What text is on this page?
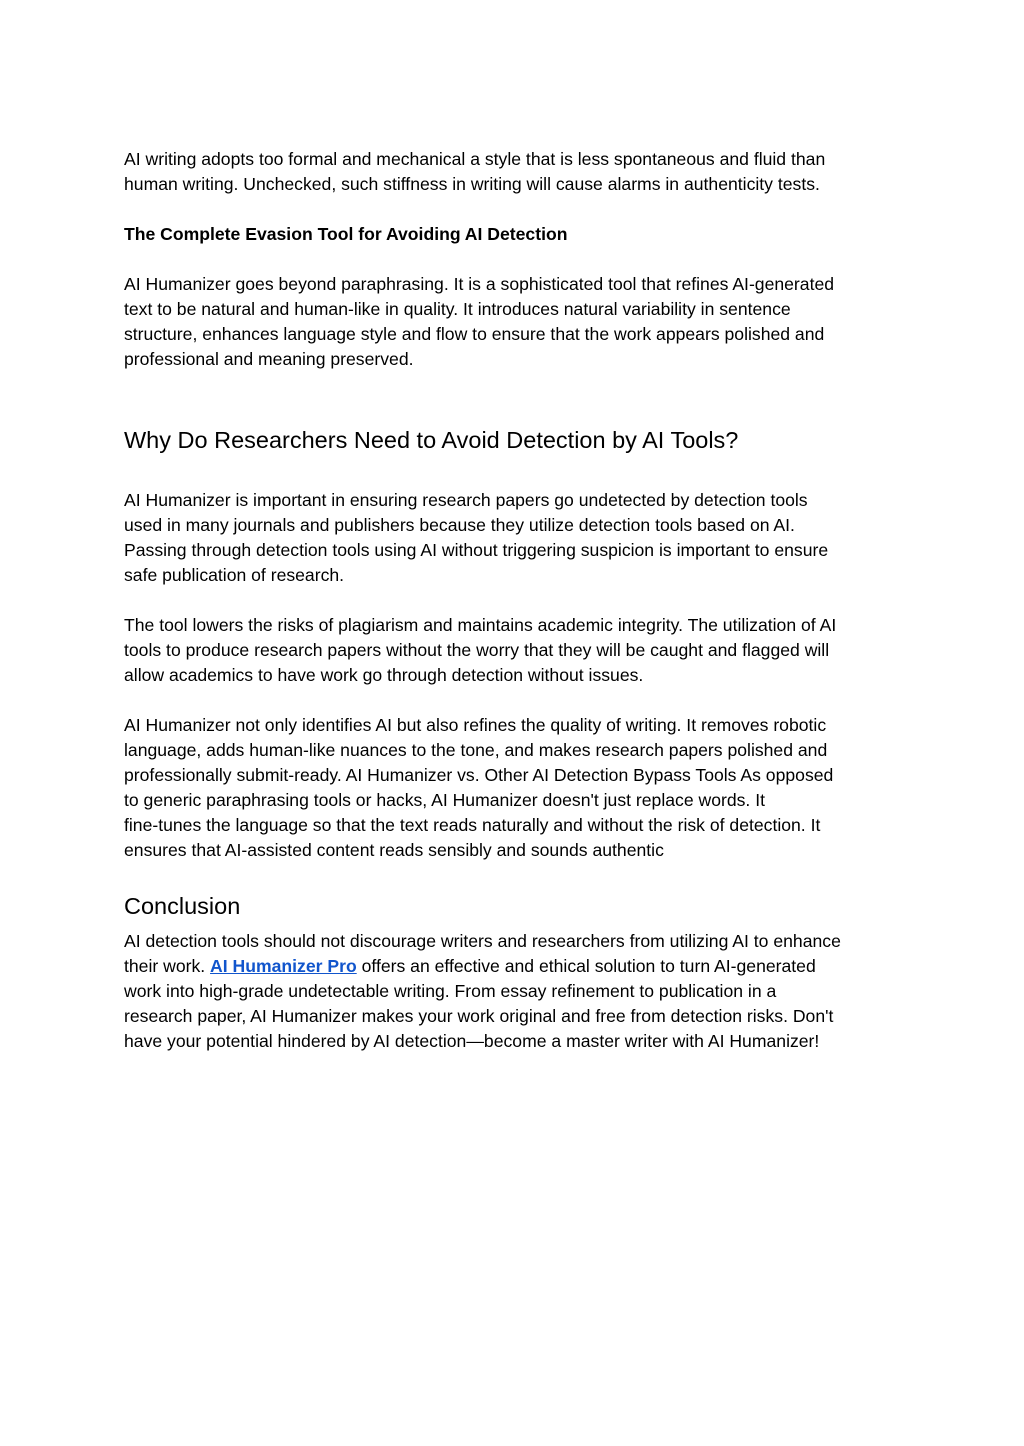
AI writing adopts too formal and mechanical a style that is less spontaneous and fluid than
human writing. Unchecked, such stiffness in writing will cause alarms in authenticity tests.

The Complete Evasion Tool for Avoiding AI Detection

AI Humanizer goes beyond paraphrasing. It is a sophisticated tool that refines AI-generated
text to be natural and human-like in quality. It introduces natural variability in sentence
structure, enhances language style and flow to ensure that the work appears polished and
professional and meaning preserved.

Why Do Researchers Need to Avoid Detection by AI Tools?

AI Humanizer is important in ensuring research papers go undetected by detection tools
used in many journals and publishers because they utilize detection tools based on AI.
Passing through detection tools using AI without triggering suspicion is important to ensure
safe publication of research.

The tool lowers the risks of plagiarism and maintains academic integrity. The utilization of AI
tools to produce research papers without the worry that they will be caught and flagged will
allow academics to have work go through detection without issues.

AI Humanizer not only identifies AI but also refines the quality of writing. It removes robotic
language, adds human-like nuances to the tone, and makes research papers polished and
professionally submit-ready. AI Humanizer vs. Other AI Detection Bypass Tools As opposed
to generic paraphrasing tools or hacks, AI Humanizer doesn't just replace words. It
fine-tunes the language so that the text reads naturally and without the risk of detection. It
ensures that AI-assisted content reads sensibly and sounds authentic

Conclusion

AI detection tools should not discourage writers and researchers from utilizing AI to enhance
their work. AI Humanizer Pro offers an effective and ethical solution to turn AI-generated
work into high-grade undetectable writing. From essay refinement to publication in a
research paper, AI Humanizer makes your work original and free from detection risks. Don't
have your potential hindered by AI detection—become a master writer with AI Humanizer!
